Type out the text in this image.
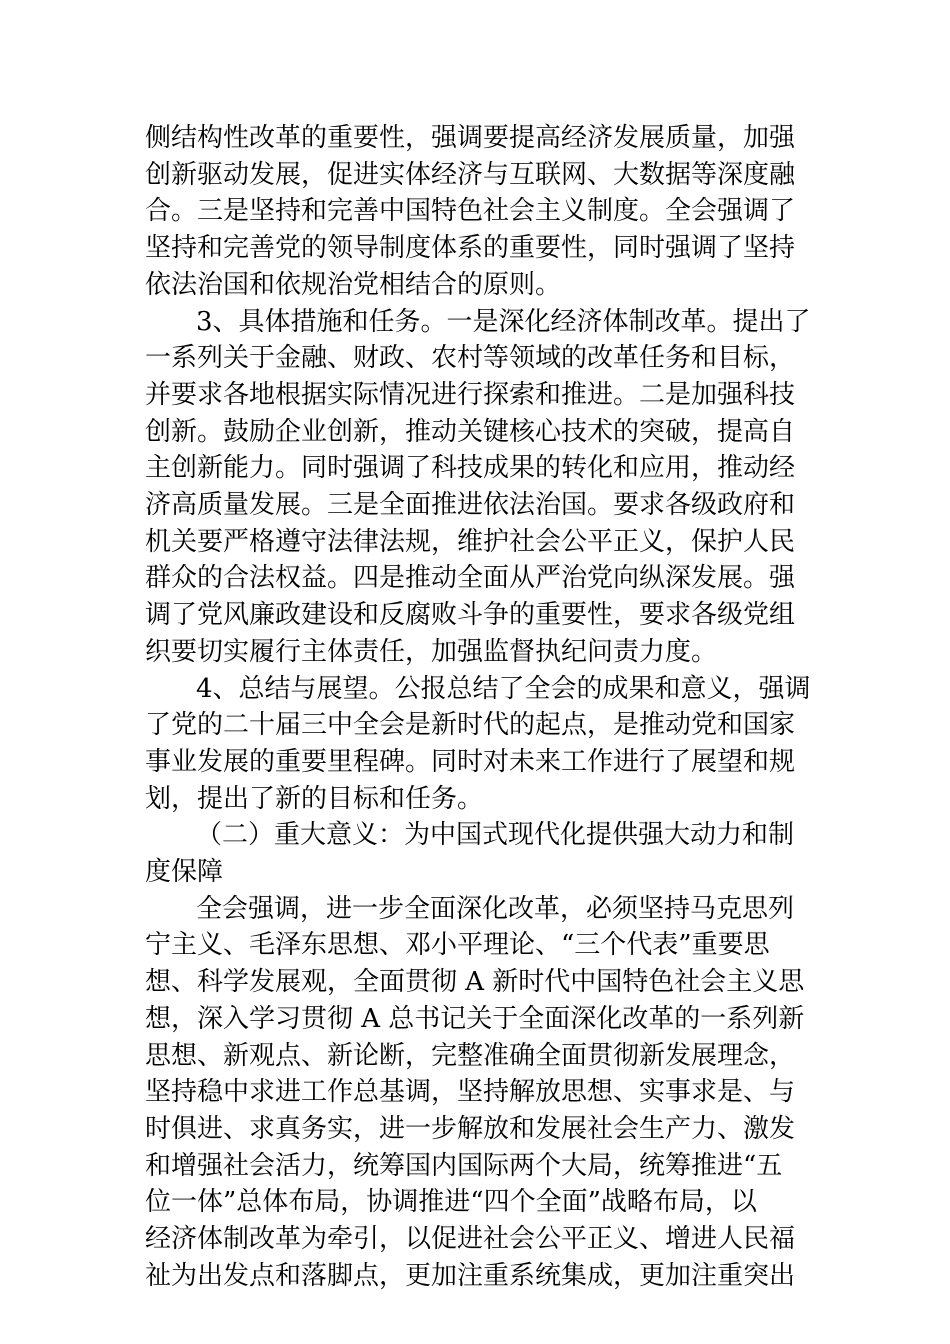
侧结构性改革的重要性，强调要提高经济发展质量，加强
创新驱动发展，促进实体经济与互联网、大数据等深度融
合。三是坚持和完善中国特色社会主义制度。全会强调了
坚持和完善党的领导制度体系的重要性，同时强调了坚持
依法治国和依规治党相结合的原则。
3、具体措施和任务。一是深化经济体制改革。提出了
一系列关于金融、财政、农村等领域的改革任务和目标，
并要求各地根据实际情况进行探索和推进。二是加强科技
创新。鼓励企业创新，推动关键核心技术的突破，提高自
主创新能力。同时强调了科技成果的转化和应用，推动经
济高质量发展。三是全面推进依法治国。要求各级政府和
机关要严格遵守法律法规，维护社会公平正义，保护人民
群众的合法权益。四是推动全面从严治党向纵深发展。强
调了党风廉政建设和反腐败斗争的重要性，要求各级党组
织要切实履行主体责任，加强监督执纪问责力度。
4、总结与展望。公报总结了全会的成果和意义，强调
了党的二十届三中全会是新时代的起点，是推动党和国家
事业发展的重要里程碑。同时对未来工作进行了展望和规
划，提出了新的目标和任务。
（二）重大意义：为中国式现代化提供强大动力和制
度保障
全会强调，进一步全面深化改革，必须坚持马克思列
宁主义、毛泽东思想、邓小平理论、“三个代表”重要思
想、科学发展观，全面贯彻 A 新时代中国特色社会主义思
想，深入学习贯彻 A 总书记关于全面深化改革的一系列新
思想、新观点、新论断，完整准确全面贯彻新发展理念，
坚持稳中求进工作总基调，坚持解放思想、实事求是、与
时俱进、求真务实，进一步解放和发展社会生产力、激发
和增强社会活力，统筹国内国际两个大局，统筹推进“五
位一体”总体布局，协调推进“四个全面”战略布局，以
经济体制改革为牵引，以促进社会公平正义、增进人民福
祉为出发点和落脚点，更加注重系统集成，更加注重突出
